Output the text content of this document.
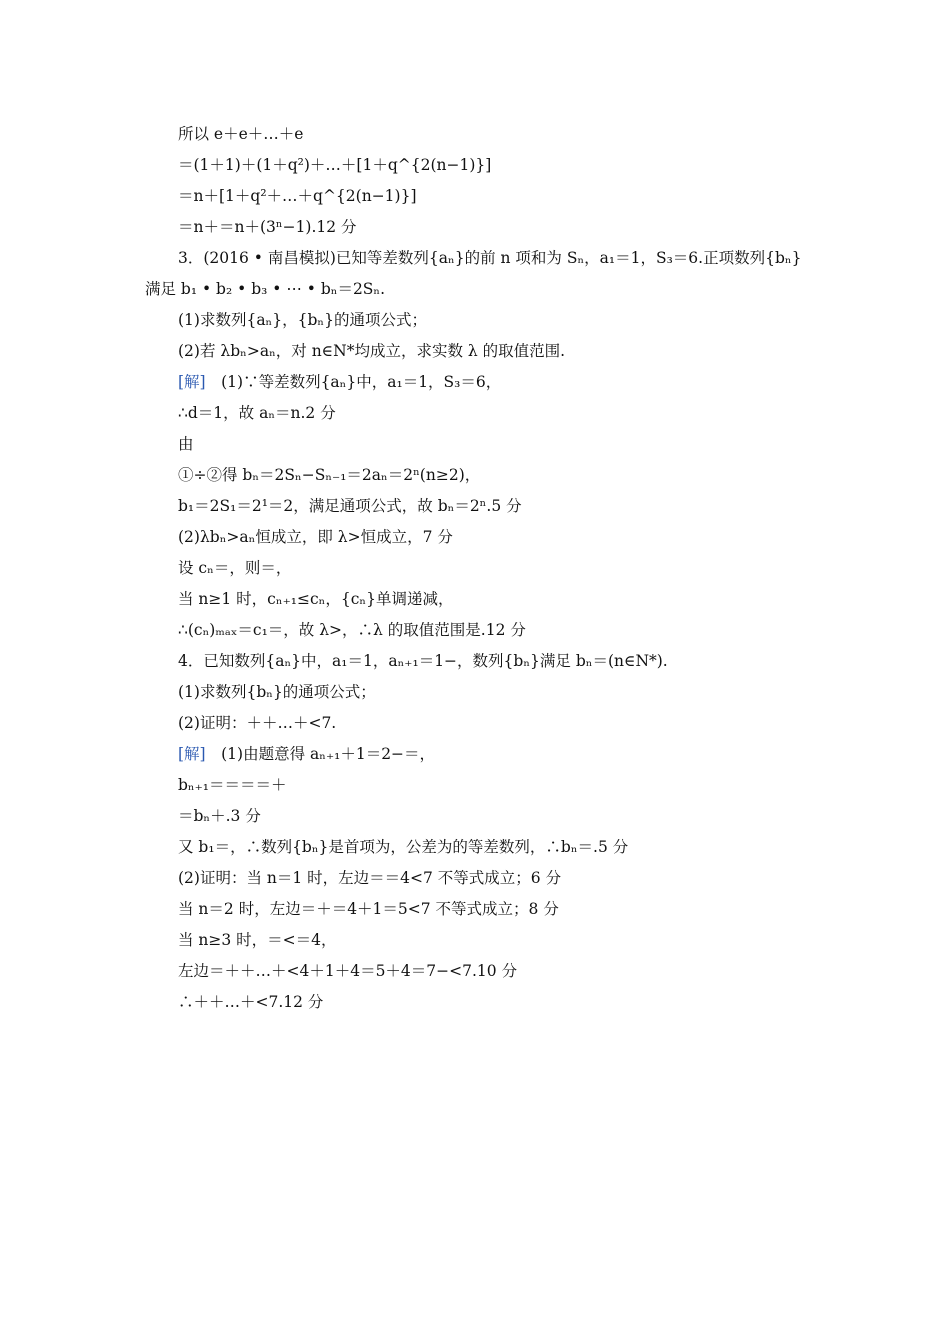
所以 e＋e＋…＋e
＝(1＋1)＋(1＋q²)＋…＋[1＋q^{2(n−1)}]
＝n＋[1＋q²＋…＋q^{2(n−1)}]
＝n＋＝n＋(3ⁿ−1).12 分
3．(2016 • 南昌模拟)已知等差数列{aₙ}的前 n 项和为 Sₙ，a₁＝1，S₃＝6.正项数列{bₙ}
满足 b₁ • b₂ • b₃ • ⋯ • bₙ＝2Sₙ.
(1)求数列{aₙ}，{bₙ}的通项公式；
(2)若 λbₙ>aₙ，对 n∈N*均成立，求实数 λ 的取值范围.
[解]  (1)∵等差数列{aₙ}中，a₁＝1，S₃＝6，
∴d＝1，故 aₙ＝n.2 分
由
①÷②得 bₙ＝2Sₙ−Sₙ₋₁＝2aₙ＝2ⁿ(n≥2)，
b₁＝2S₁＝2¹＝2，满足通项公式，故 bₙ＝2ⁿ.5 分
(2)λbₙ>aₙ恒成立，即 λ>恒成立，7 分
设 cₙ＝，则＝，
当 n≥1 时，cₙ₊₁≤cₙ，{cₙ}单调递减，
∴(cₙ)ₘₐₓ＝c₁＝，故 λ>，∴λ 的取值范围是.12 分
4．已知数列{aₙ}中，a₁＝1，aₙ₊₁＝1−，数列{bₙ}满足 bₙ＝(n∈N*).
(1)求数列{bₙ}的通项公式；
(2)证明：＋＋…＋<7.
[解]  (1)由题意得 aₙ₊₁＋1＝2−＝，
bₙ₊₁＝＝＝＝＋
＝bₙ＋.3 分
又 b₁＝，∴数列{bₙ}是首项为，公差为的等差数列，∴bₙ＝.5 分
(2)证明：当 n＝1 时，左边＝＝4<7 不等式成立；6 分
当 n＝2 时，左边＝＋＝4＋1＝5<7 不等式成立；8 分
当 n≥3 时，＝<＝4，
左边＝＋＋…＋<4＋1＋4＝5＋4＝7−<7.10 分
∴＋＋…＋<7.12 分
